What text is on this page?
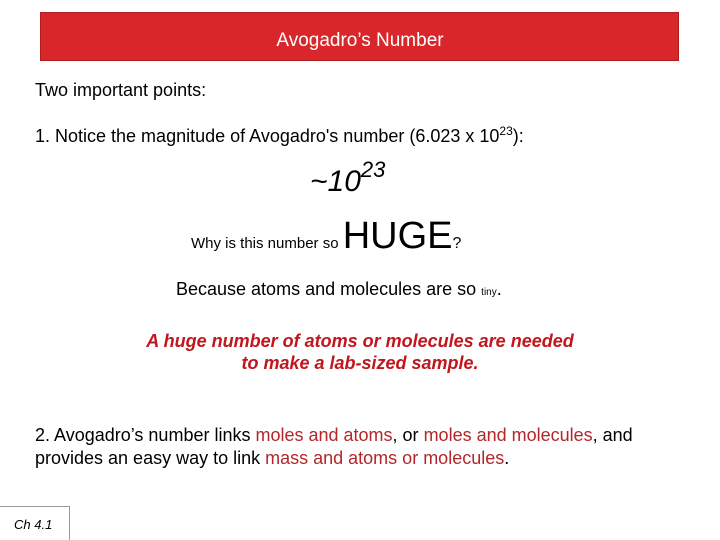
Avogadro’s Number
Two important points:
1. Notice the magnitude of Avogadro's number (6.023 x $10^{23}$):
$\sim 10^{23}$
Why is this number so HUGE?
Because atoms and molecules are so tiny.
A huge number of atoms or molecules are needed
to make a lab-sized sample.
2. Avogadro’s number links moles and atoms, or moles and molecules, and provides an easy way to link mass and atoms or molecules.
Ch 4.1
